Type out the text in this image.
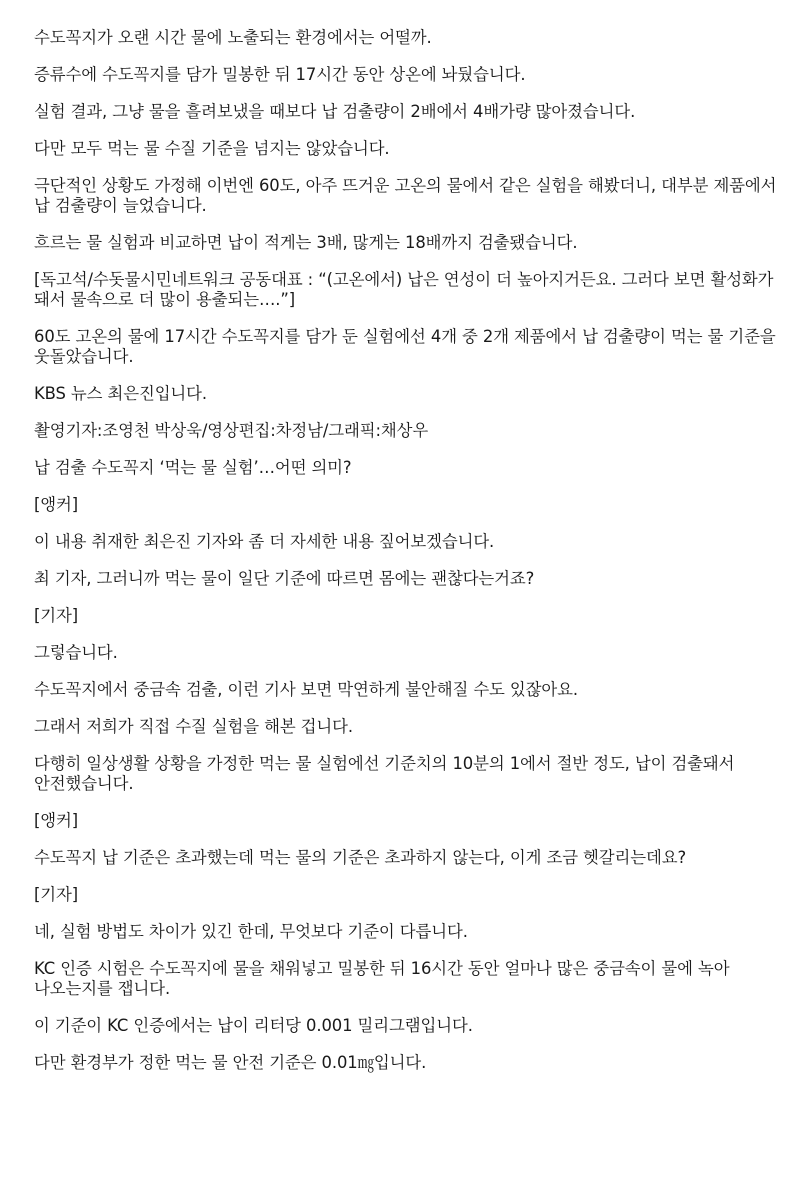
수도꼭지가 오랜 시간 물에 노출되는 환경에서는 어떨까.

증류수에 수도꼭지를 담가 밀봉한 뒤 17시간 동안 상온에 놔뒀습니다.

실험 결과, 그냥 물을 흘려보냈을 때보다 납 검출량이 2배에서 4배가량 많아졌습니다.

다만 모두 먹는 물 수질 기준을 넘지는 않았습니다.

극단적인 상황도 가정해 이번엔 60도, 아주 뜨거운 고온의 물에서 같은 실험을 해봤더니, 대부분 제품에서 납 검출량이 늘었습니다.

흐르는 물 실험과 비교하면 납이 적게는 3배, 많게는 18배까지 검출됐습니다.

[독고석/수돗물시민네트워크 공동대표 : “(고온에서) 납은 연성이 더 높아지거든요. 그러다 보면 활성화가 돼서 물속으로 더 많이 용출되는….”]

60도 고온의 물에 17시간 수도꼭지를 담가 둔 실험에선 4개 중 2개 제품에서 납 검출량이 먹는 물 기준을 웃돌았습니다.

KBS 뉴스 최은진입니다.

촬영기자:조영천 박상욱/영상편집:차정남/그래픽:채상우

납 검출 수도꼭지 ‘먹는 물 실험’…어떤 의미?

[앵커]

이 내용 취재한 최은진 기자와 좀 더 자세한 내용 짚어보겠습니다.

최 기자, 그러니까 먹는 물이 일단 기준에 따르면 몸에는 괜찮다는거죠?

[기자]

그렇습니다.

수도꼭지에서 중금속 검출, 이런 기사 보면 막연하게 불안해질 수도 있잖아요.

그래서 저희가 직접 수질 실험을 해본 겁니다.

다행히 일상생활 상황을 가정한 먹는 물 실험에선 기준치의 10분의 1에서 절반 정도, 납이 검출돼서 안전했습니다.

[앵커]

수도꼭지 납 기준은 초과했는데 먹는 물의 기준은 초과하지 않는다, 이게 조금 헷갈리는데요?

[기자]

네, 실험 방법도 차이가 있긴 한데, 무엇보다 기준이 다릅니다.

KC 인증 시험은 수도꼭지에 물을 채워넣고 밀봉한 뒤 16시간 동안 얼마나 많은 중금속이 물에 녹아 나오는지를 잽니다.

이 기준이 KC 인증에서는 납이 리터당 0.001 밀리그램입니다.

다만 환경부가 정한 먹는 물 안전 기준은 0.01㎎입니다.
